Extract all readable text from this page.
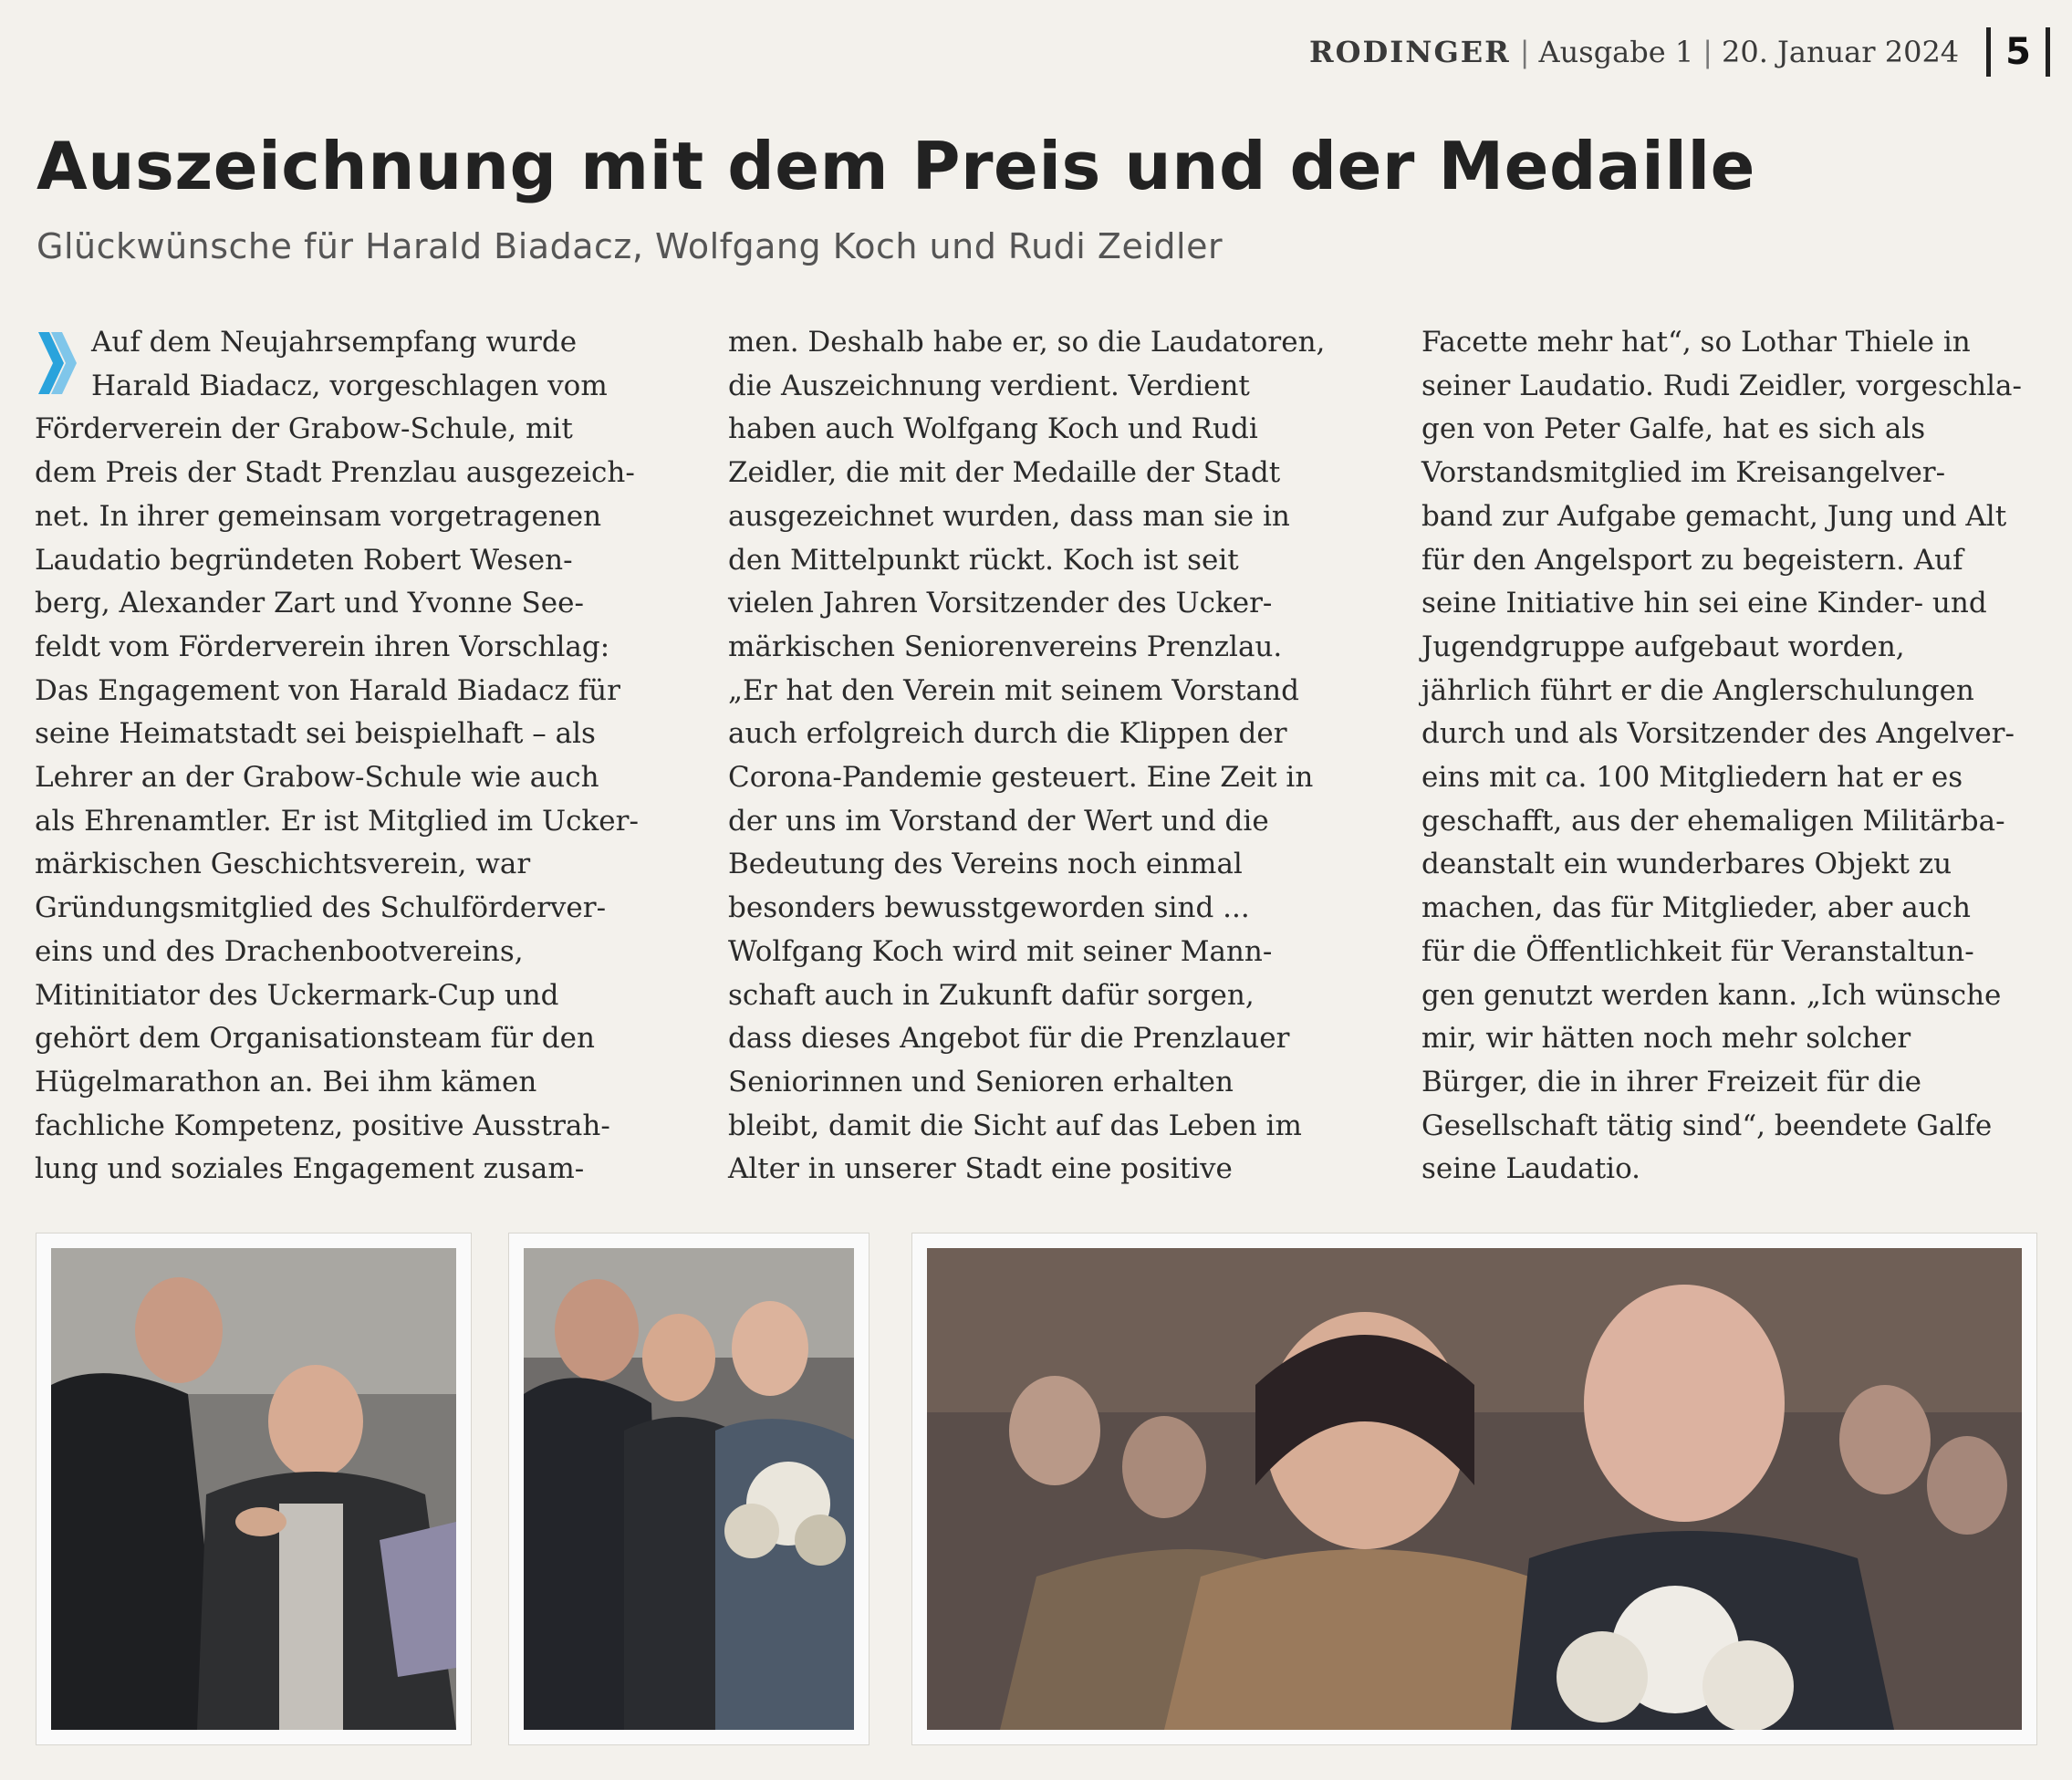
RODINGER | Ausgabe 1 | 20. Januar 2024	5
Auszeichnung mit dem Preis und der Medaille
Glückwünsche für Harald Biadacz, Wolfgang Koch und Rudi Zeidler
Auf dem Neujahrsempfang wurde
Harald Biadacz, vorgeschlagen vom
Förderverein der Grabow-Schule, mit
dem Preis der Stadt Prenzlau ausgezeich-
net. In ihrer gemeinsam vorgetragenen
Laudatio begründeten Robert Wesen-
berg, Alexander Zart und Yvonne See-
feldt vom Förderverein ihren Vorschlag:
Das Engagement von Harald Biadacz für
seine Heimatstadt sei beispielhaft – als
Lehrer an der Grabow-Schule wie auch
als Ehrenamtler. Er ist Mitglied im Ucker-
märkischen Geschichtsverein, war
Gründungsmitglied des Schulförderver-
eins und des Drachenbootvereins,
Mitinitiator des Uckermark-Cup und
gehört dem Organisationsteam für den
Hügelmarathon an. Bei ihm kämen
fachliche Kompetenz, positive Ausstrah-
lung und soziales Engagement zusam-
men. Deshalb habe er, so die Laudatoren,
die Auszeichnung verdient. Verdient
haben auch Wolfgang Koch und Rudi
Zeidler, die mit der Medaille der Stadt
ausgezeichnet wurden, dass man sie in
den Mittelpunkt rückt. Koch ist seit
vielen Jahren Vorsitzender des Ucker-
märkischen Seniorenvereins Prenzlau.
„Er hat den Verein mit seinem Vorstand
auch erfolgreich durch die Klippen der
Corona-Pandemie gesteuert. Eine Zeit in
der uns im Vorstand der Wert und die
Bedeutung des Vereins noch einmal
besonders bewusstgeworden sind ...
Wolfgang Koch wird mit seiner Mann-
schaft auch in Zukunft dafür sorgen,
dass dieses Angebot für die Prenzlauer
Seniorinnen und Senioren erhalten
bleibt, damit die Sicht auf das Leben im
Alter in unserer Stadt eine positive
Facette mehr hat“, so Lothar Thiele in
seiner Laudatio. Rudi Zeidler, vorgeschla-
gen von Peter Galfe, hat es sich als
Vorstandsmitglied im Kreisangelver-
band zur Aufgabe gemacht, Jung und Alt
für den Angelsport zu begeistern. Auf
seine Initiative hin sei eine Kinder- und
Jugendgruppe aufgebaut worden,
jährlich führt er die Anglerschulungen
durch und als Vorsitzender des Angelver-
eins mit ca. 100 Mitgliedern hat er es
geschafft, aus der ehemaligen Militärba-
deanstalt ein wunderbares Objekt zu
machen, das für Mitglieder, aber auch
für die Öffentlichkeit für Veranstaltun-
gen genutzt werden kann. „Ich wünsche
mir, wir hätten noch mehr solcher
Bürger, die in ihrer Freizeit für die
Gesellschaft tätig sind“, beendete Galfe
seine Laudatio.
